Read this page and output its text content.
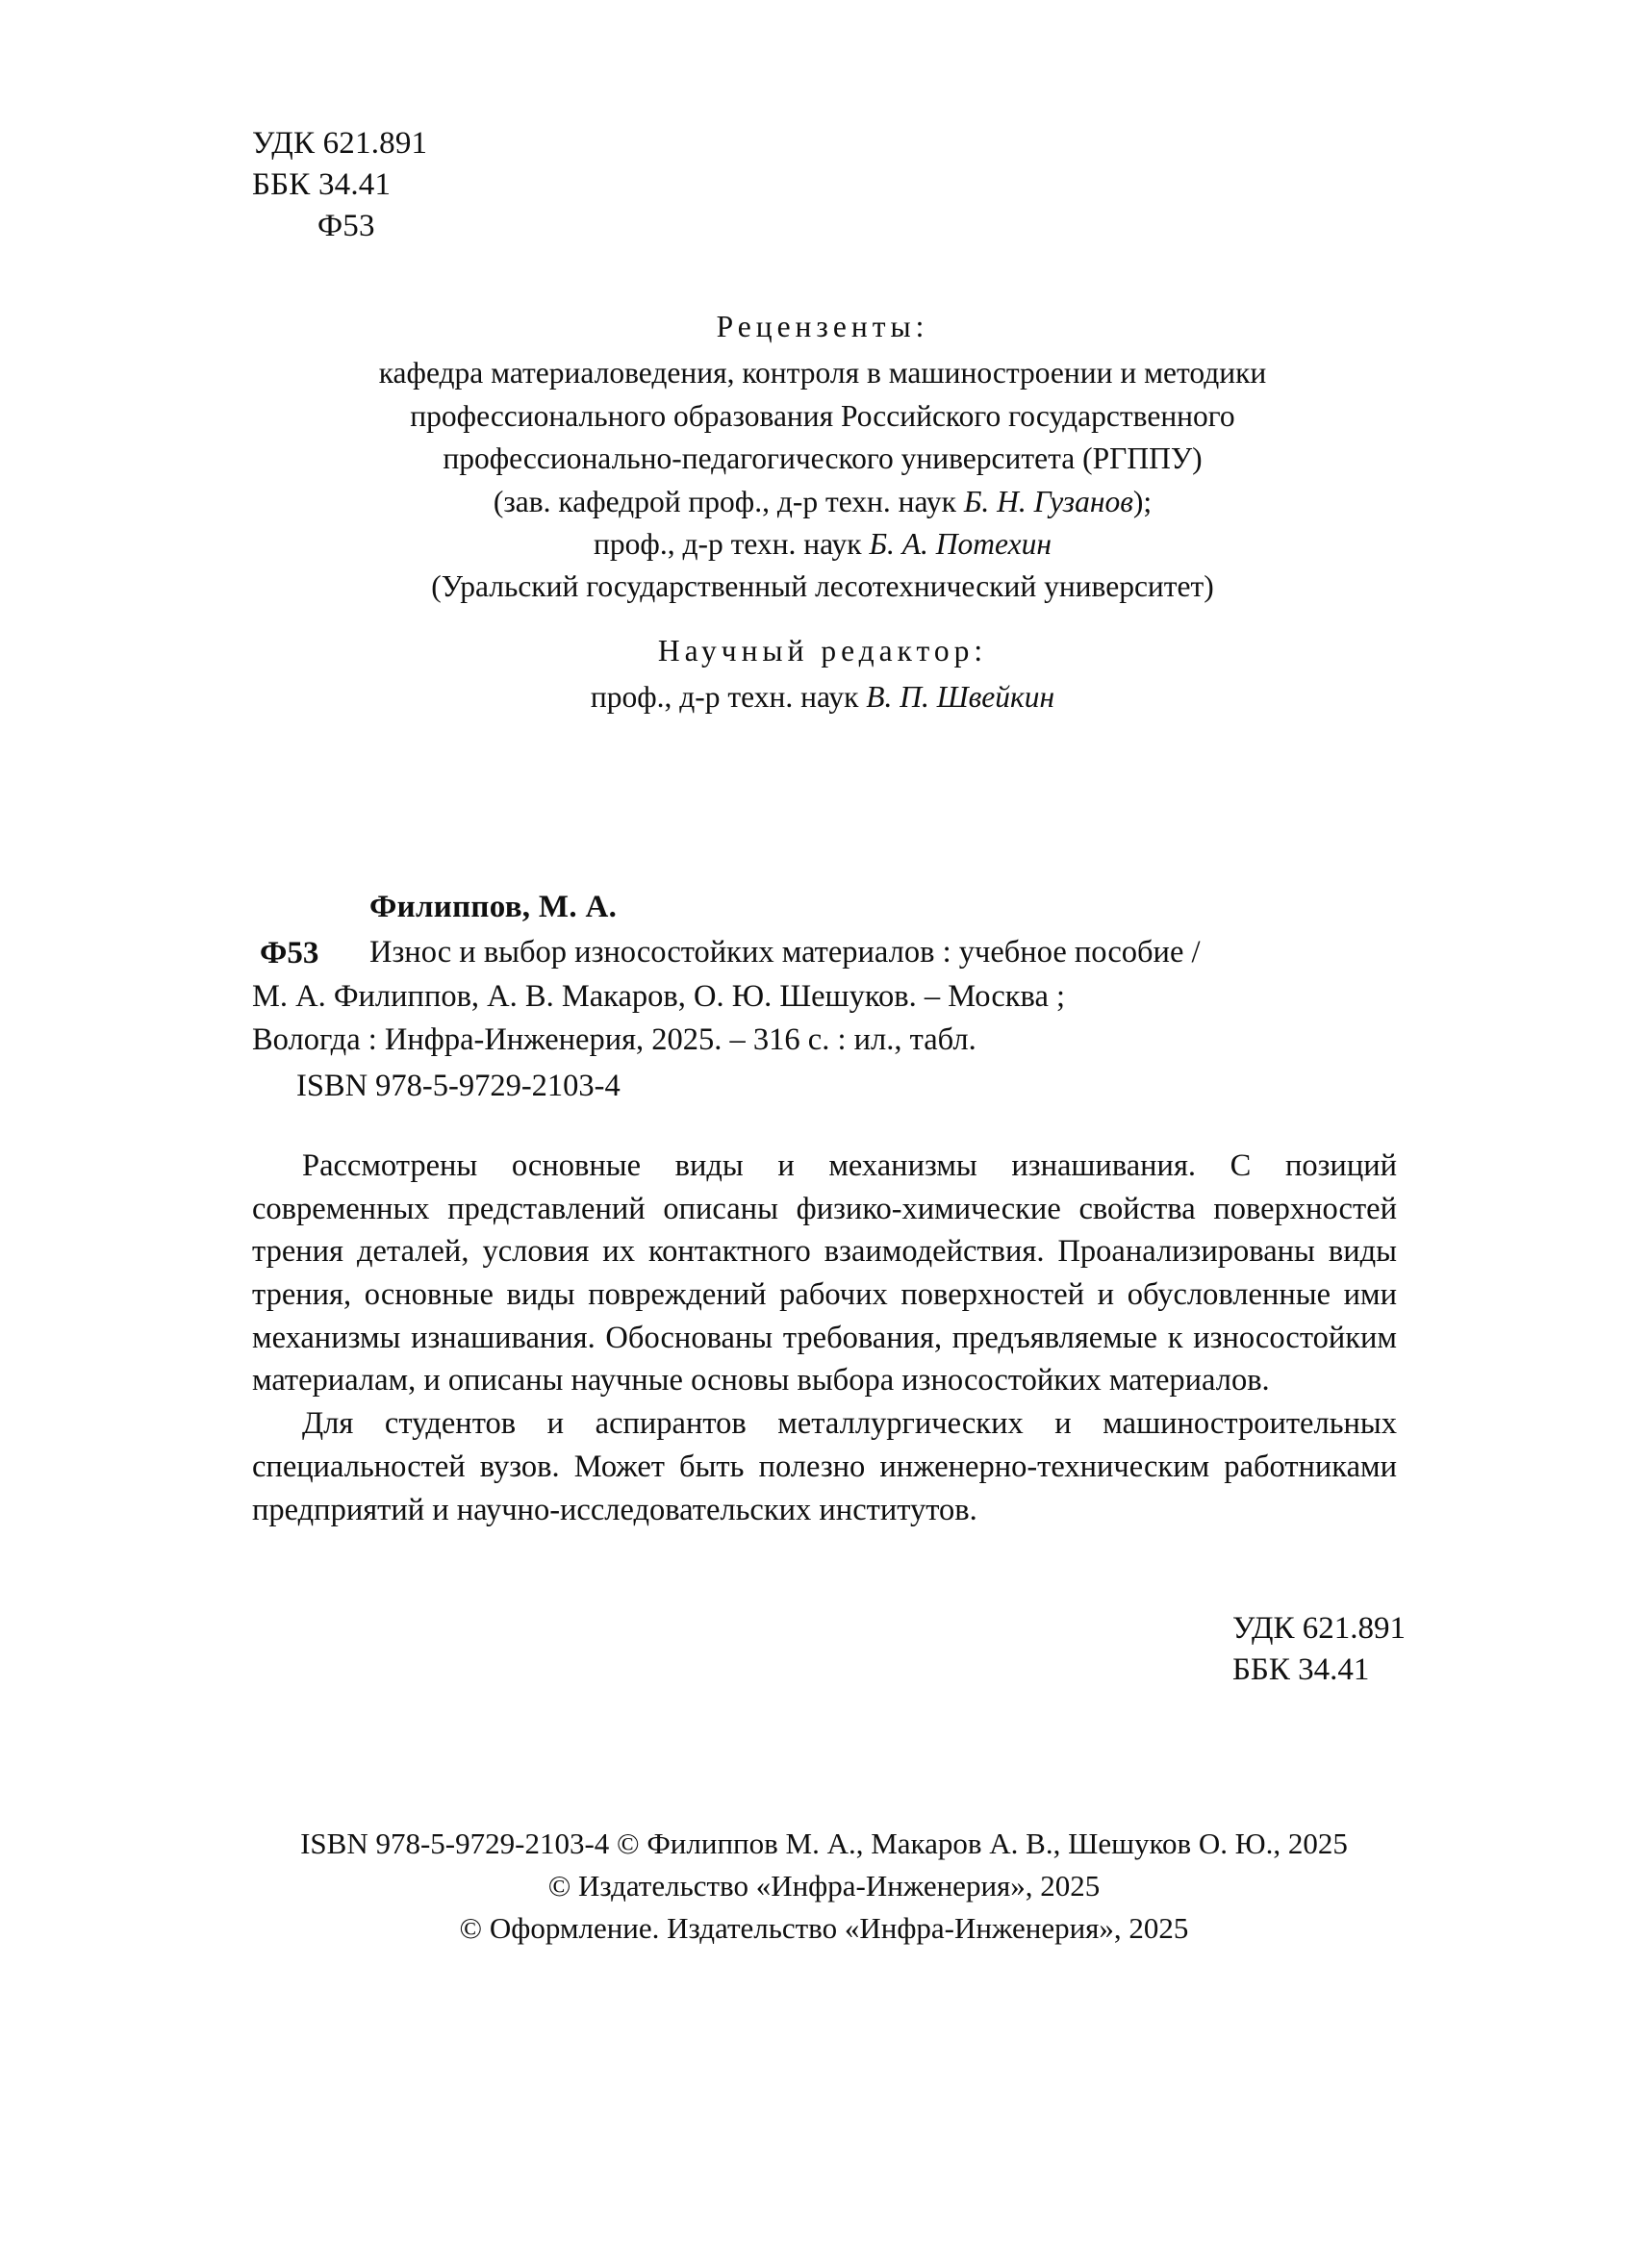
УДК 621.891
ББК 34.41
Ф53
Рецензенты:
кафедра материаловедения, контроля в машиностроении и методики
профессионального образования Российского государственного
профессионально-педагогического университета (РГППУ)
(зав. кафедрой проф., д-р техн. наук Б. Н. Гузанов);
проф., д-р техн. наук Б. А. Потехин
(Уральский государственный лесотехнический университет)
Научный редактор:
проф., д-р техн. наук В. П. Швейкин
Филиппов, М. А.
Ф53	Износ и выбор износостойких материалов : учебное пособие /
М. А. Филиппов, А. В. Макаров, О. Ю. Шешуков. – Москва ;
Вологда : Инфра-Инженерия, 2025. – 316 с. : ил., табл.
ISBN 978-5-9729-2103-4

Рассмотрены основные виды и механизмы изнашивания. С позиций современных представлений описаны физико-химические свойства поверхностей трения деталей, условия их контактного взаимодействия. Проанализированы виды трения, основные виды повреждений рабочих поверхностей и обусловленные ими механизмы изнашивания. Обоснованы требования, предъявляемые к износостойким материалам, и описаны научные основы выбора износостойких материалов.

Для студентов и аспирантов металлургических и машиностроительных специальностей вузов. Может быть полезно инженерно-техническим работниками предприятий и научно-исследовательских институтов.

УДК 621.891
ББК 34.41
ISBN 978-5-9729-2103-4 © Филиппов М. А., Макаров А. В., Шешуков О. Ю., 2025
© Издательство «Инфра-Инженерия», 2025
© Оформление. Издательство «Инфра-Инженерия», 2025
